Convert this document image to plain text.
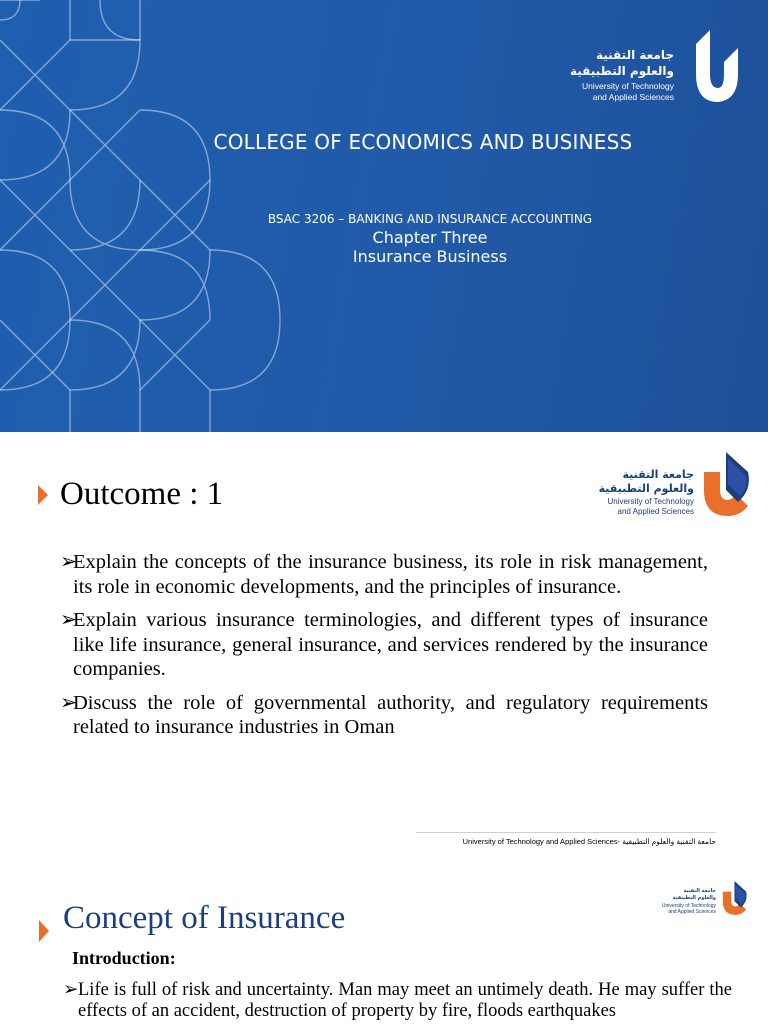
جامعة التقنية
والعلوم التطبيقية
University of Technology
and Applied Sciences
COLLEGE OF ECONOMICS AND BUSINESS
BSAC 3206 – BANKING AND INSURANCE ACCOUNTING
Chapter Three
Insurance Business
Outcome : 1
جامعة التقنية
والعلوم التطبيقية
University of Technology
and Applied Sciences
➢
Explain the concepts of the insurance business, its role in risk management, its role in economic developments, and the principles of insurance.
➢
Explain various insurance terminologies, and different types of insurance like life insurance, general insurance, and services rendered by the insurance companies.
➢
Discuss the role of governmental authority, and regulatory requirements related to insurance industries in Oman
University of Technology and Applied Sciences- جامعة التقنية والعلوم التطبيقية
Concept of Insurance
جامعة التقنية
والعلوم التطبيقية
University of Technology
and Applied Sciences
Introduction:
➢ Life is full of risk and uncertainty. Man may meet an untimely death. He may suffer the effects of an accident, destruction of property by fire, floods earthquakes
